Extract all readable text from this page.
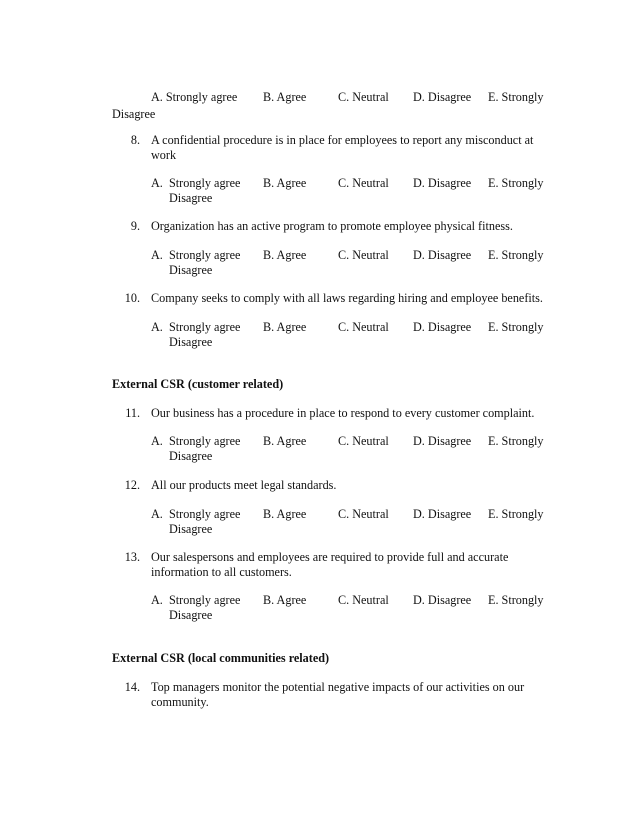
A. Strongly agree B. Agree	C. Neutral D. Disagree E. Strongly
Disagree
8. A confidential procedure is in place for employees to report any misconduct at
work
A. Strongly agree
Disagree
B. Agree	C. Neutral D. Disagree E. Strongly
9. Organization has an active program to promote employee physical fitness.
A. Strongly agree
Disagree
B. Agree	C. Neutral D. Disagree E. Strongly
10. Company seeks to comply with all laws regarding hiring and employee benefits.
A. Strongly agree
Disagree
B. Agree	C. Neutral D. Disagree E. Strongly
External CSR (customer related)
11. Our business has a procedure in place to respond to every customer complaint.
A. Strongly agree
Disagree
B. Agree	C. Neutral D. Disagree E. Strongly
12. All our products meet legal standards.
A. Strongly agree
Disagree
B. Agree	C. Neutral D. Disagree E. Strongly
13. Our salespersons and employees are required to provide full and accurate
information to all customers.
A. Strongly agree
Disagree
B. Agree	C. Neutral D. Disagree E. Strongly
External CSR (local communities related)
14. Top managers monitor the potential negative impacts of our activities on our
community.
